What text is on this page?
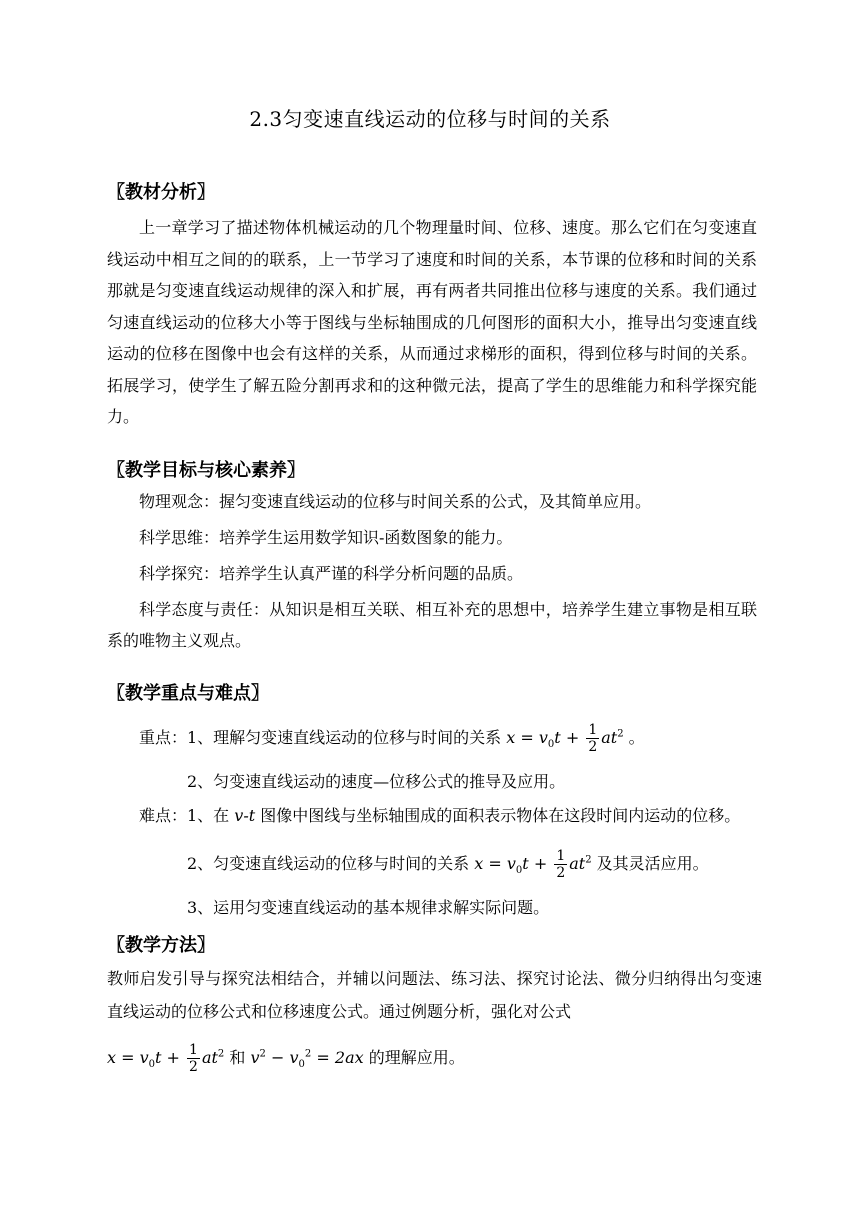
2.3匀变速直线运动的位移与时间的关系
〖教材分析〗

上一章学习了描述物体机械运动的几个物理量时间、位移、速度。那么它们在匀变速直线运动中相互之间的的联系，上一节学习了速度和时间的关系，本节课的位移和时间的关系那就是匀变速直线运动规律的深入和扩展，再有两者共同推出位移与速度的关系。我们通过匀速直线运动的位移大小等于图线与坐标轴围成的几何图形的面积大小，推导出匀变速直线运动的位移在图像中也会有这样的关系，从而通过求梯形的面积，得到位移与时间的关系。拓展学习，使学生了解五险分割再求和的这种微元法，提高了学生的思维能力和科学探究能力。

〖教学目标与核心素养〗
物理观念：握匀变速直线运动的位移与时间关系的公式，及其简单应用。
科学思维：培养学生运用数学知识-函数图象的能力。
科学探究：培养学生认真严谨的科学分析问题的品质。
科学态度与责任：从知识是相互关联、相互补充的思想中，培养学生建立事物是相互联系的唯物主义观点。
〖教学重点与难点〗
重点：1、理解匀变速直线运动的位移与时间的关系 $x = v_0t + \frac{1}{2} at^2$ 。
2、匀变速直线运动的速度—位移公式的推导及应用。
难点：1、在 v-t 图像中图线与坐标轴围成的面积表示物体在这段时间内运动的位移。
2、匀变速直线运动的位移与时间的关系 $x = v_0t + \frac{1}{2} at^2$ 及其灵活应用。
3、运用匀变速直线运动的基本规律求解实际问题。
〖教学方法〗
教师启发引导与探究法相结合，并辅以问题法、练习法、探究讨论法、微分归纳得出匀变速直线运动的位移公式和位移速度公式。通过例题分析，强化对公式
$x = v_0t + \frac{1}{2} at^2$ 和 $v^2 - v_0^2 = 2ax$ 的理解应用。
